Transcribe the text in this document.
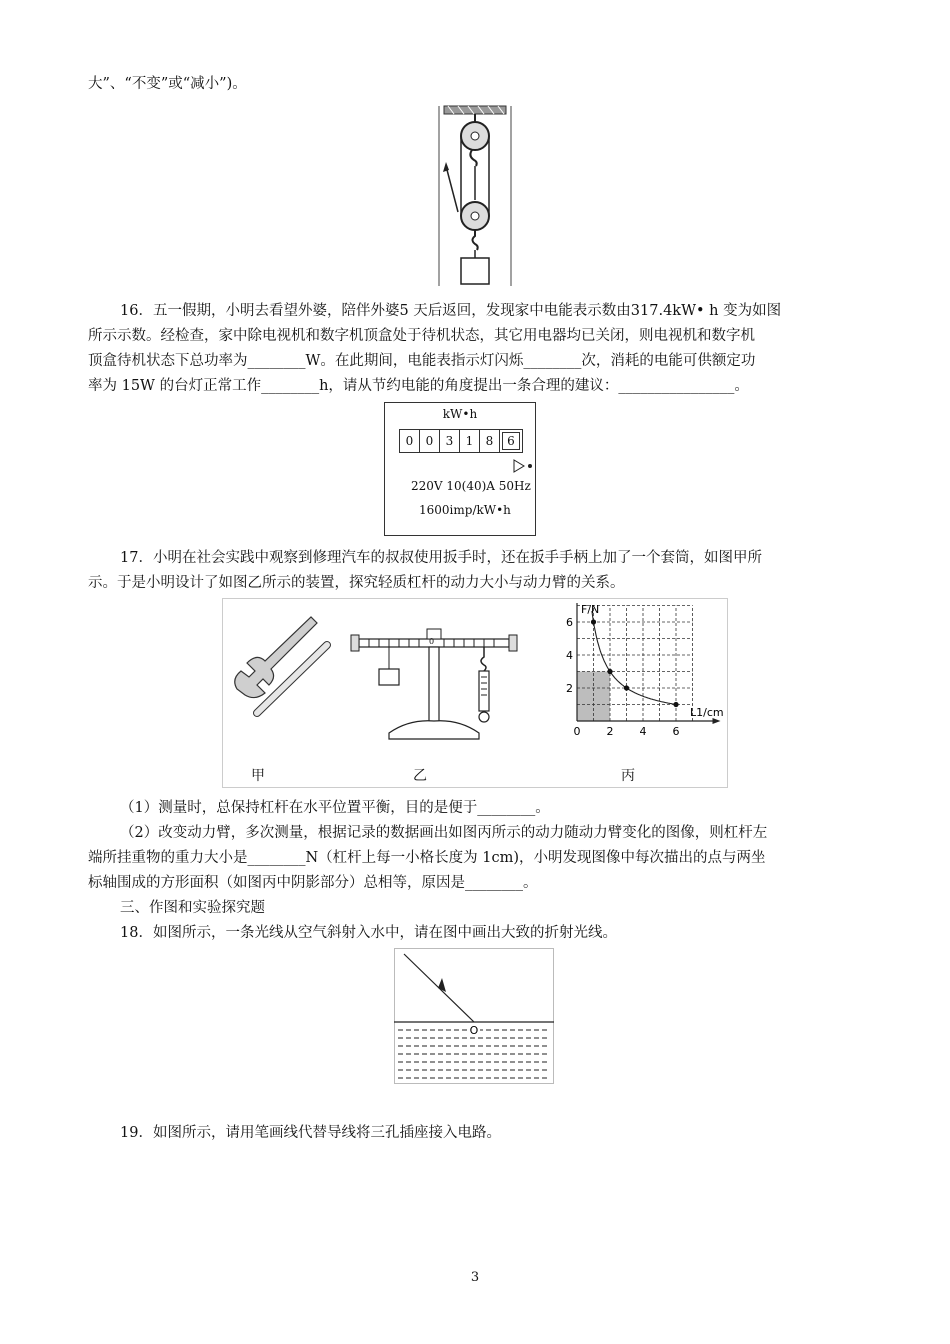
大”、“不变”或“减小”)。
16．五一假期，小明去看望外婆，陪伴外婆5 天后返回，发现家中电能表示数由317.4kW• h 变为如图
所示示数。经检查，家中除电视机和数字机顶盒处于待机状态，其它用电器均已关闭，则电视机和数字机
顶盒待机状态下总功率为________W。在此期间，电能表指示灯闪烁________次，消耗的电能可供额定功
率为 15W 的台灯正常工作________h，请从节约电能的角度提出一条合理的建议：________________。
kW•h
0	0	3	1	8	6
220V 10(40)A 50Hz
1600imp/kW•h
17．小明在社会实践中观察到修理汽车的叔叔使用扳手时，还在扳手手柄上加了一个套筒，如图甲所
示。于是小明设计了如图乙所示的装置，探究轻质杠杆的动力大小与动力臂的关系。
0
0 2 4 6
2
4
6
F/N
L1/cm
甲	乙	丙
（1）测量时，总保持杠杆在水平位置平衡，目的是便于________。
（2）改变动力臂，多次测量，根据记录的数据画出如图丙所示的动力随动力臂变化的图像，则杠杆左
端所挂重物的重力大小是________N（杠杆上每一小格长度为 1cm)，小明发现图像中每次描出的点与两坐
标轴围成的方形面积（如图丙中阴影部分）总相等，原因是________。
三、作图和实验探究题
18．如图所示，一条光线从空气斜射入水中，请在图中画出大致的折射光线。
O
19．如图所示，请用笔画线代替导线将三孔插座接入电路。
3
